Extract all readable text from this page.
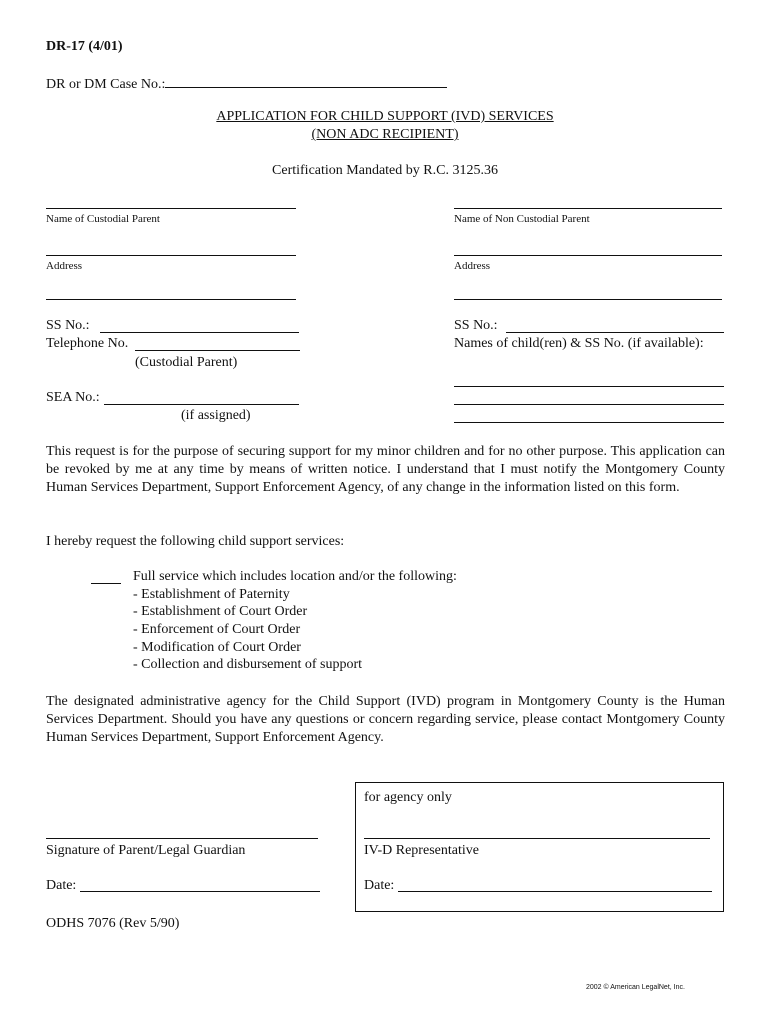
DR-17 (4/01)
DR or DM Case No.:
APPLICATION FOR CHILD SUPPORT (IVD) SERVICES
(NON ADC RECIPIENT)
Certification Mandated by R.C. 3125.36
Name of Custodial Parent
Address
SS No.:
Telephone No.
(Custodial Parent)
SEA No.:
(if assigned)
Name of Non Custodial Parent
Address
SS No.:
Names of child(ren) & SS No. (if available):
This request is for the purpose of securing support for my minor children and for no other purpose. This application can be revoked by me at any time by means of written notice. I understand that I must notify the Montgomery County Human Services Department, Support Enforcement Agency, of any change in the information listed on this form.
I hereby request the following child support services:
Full service which includes location and/or the following:
- Establishment of Paternity
- Establishment of Court Order
- Enforcement of Court Order
- Modification of Court Order
- Collection and disbursement of support
The designated administrative agency for the Child Support (IVD) program in Montgomery County is the Human Services Department. Should you have any questions or concern regarding service, please contact Montgomery County Human Services Department, Support Enforcement Agency.
Signature of Parent/Legal Guardian
Date:
for agency only
IV-D Representative
Date:
ODHS 7076 (Rev 5/90)
2002 © American LegalNet, Inc.
